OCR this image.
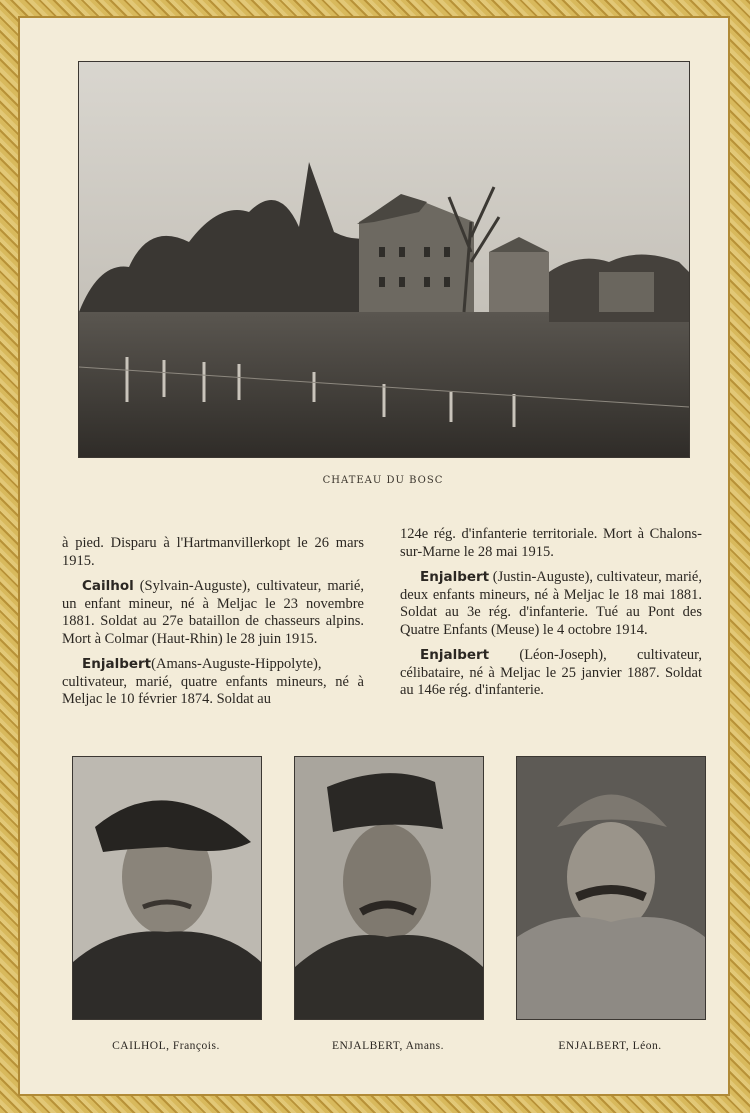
CHATEAU DU BOSC

à pied. Disparu à l'Hartmanvillerkopt le 26 mars 1915.

Cailhol (Sylvain-Auguste), cultivateur, marié, un enfant mineur, né à Meljac le 23 novembre 1881. Soldat au 27e bataillon de chasseurs alpins. Mort à Colmar (Haut-Rhin) le 28 juin 1915.

Enjalbert(Amans-Auguste-Hippolyte), cultivateur, marié, quatre enfants mineurs, né à Meljac le 10 février 1874. Soldat au

124e rég. d'infanterie territoriale. Mort à Chalons-sur-Marne le 28 mai 1915.

Enjalbert (Justin-Auguste), cultivateur, marié, deux enfants mineurs, né à Meljac le 18 mai 1881. Soldat au 3e rég. d'infanterie. Tué au Pont des Quatre Enfants (Meuse) le 4 octobre 1914.

Enjalbert (Léon-Joseph), cultivateur, célibataire, né à Meljac le 25 janvier 1887. Soldat au 146e rég. d'infanterie.

CAILHOL, François.	ENJALBERT, Amans.	ENJALBERT, Léon.
